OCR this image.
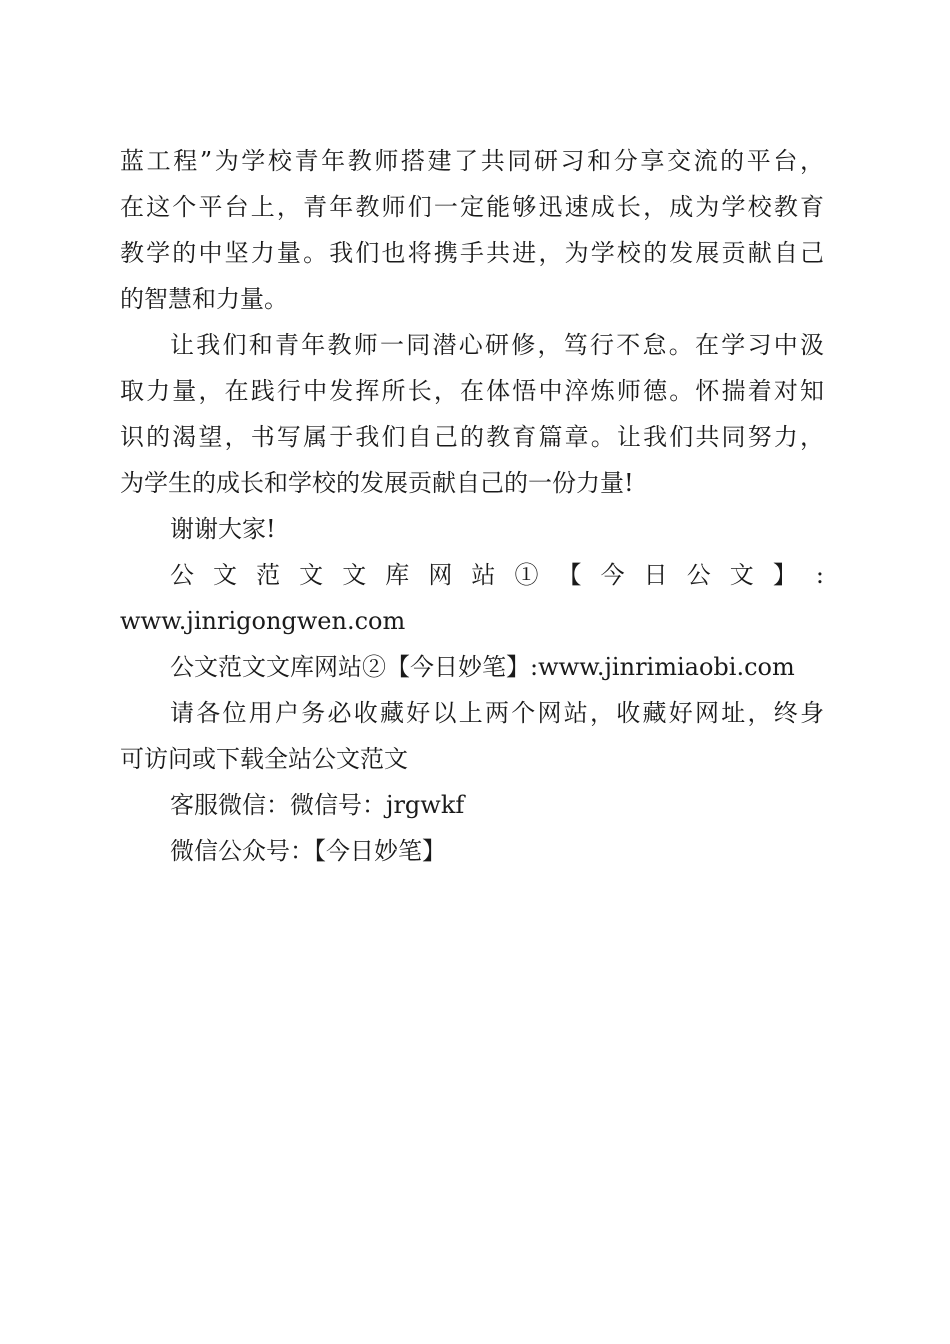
蓝工程”为学校青年教师搭建了共同研习和分享交流的平台，
在这个平台上，青年教师们一定能够迅速成长，成为学校教育
教学的中坚力量。我们也将携手共进，为学校的发展贡献自己
的智慧和力量。
让我们和青年教师一同潜心研修，笃行不怠。在学习中汲
取力量，在践行中发挥所长，在体悟中淬炼师德。怀揣着对知
识的渴望，书写属于我们自己的教育篇章。让我们共同努力，
为学生的成长和学校的发展贡献自己的一份力量!
谢谢大家!
公文范文文库网站①【今日公文】:
www.jinrigongwen.com
公文范文文库网站②【今日妙笔】:www.jinrimiaobi.com
请各位用户务必收藏好以上两个网站，收藏好网址，终身
可访问或下载全站公文范文
客服微信：微信号：jrgwkf
微信公众号：【今日妙笔】
